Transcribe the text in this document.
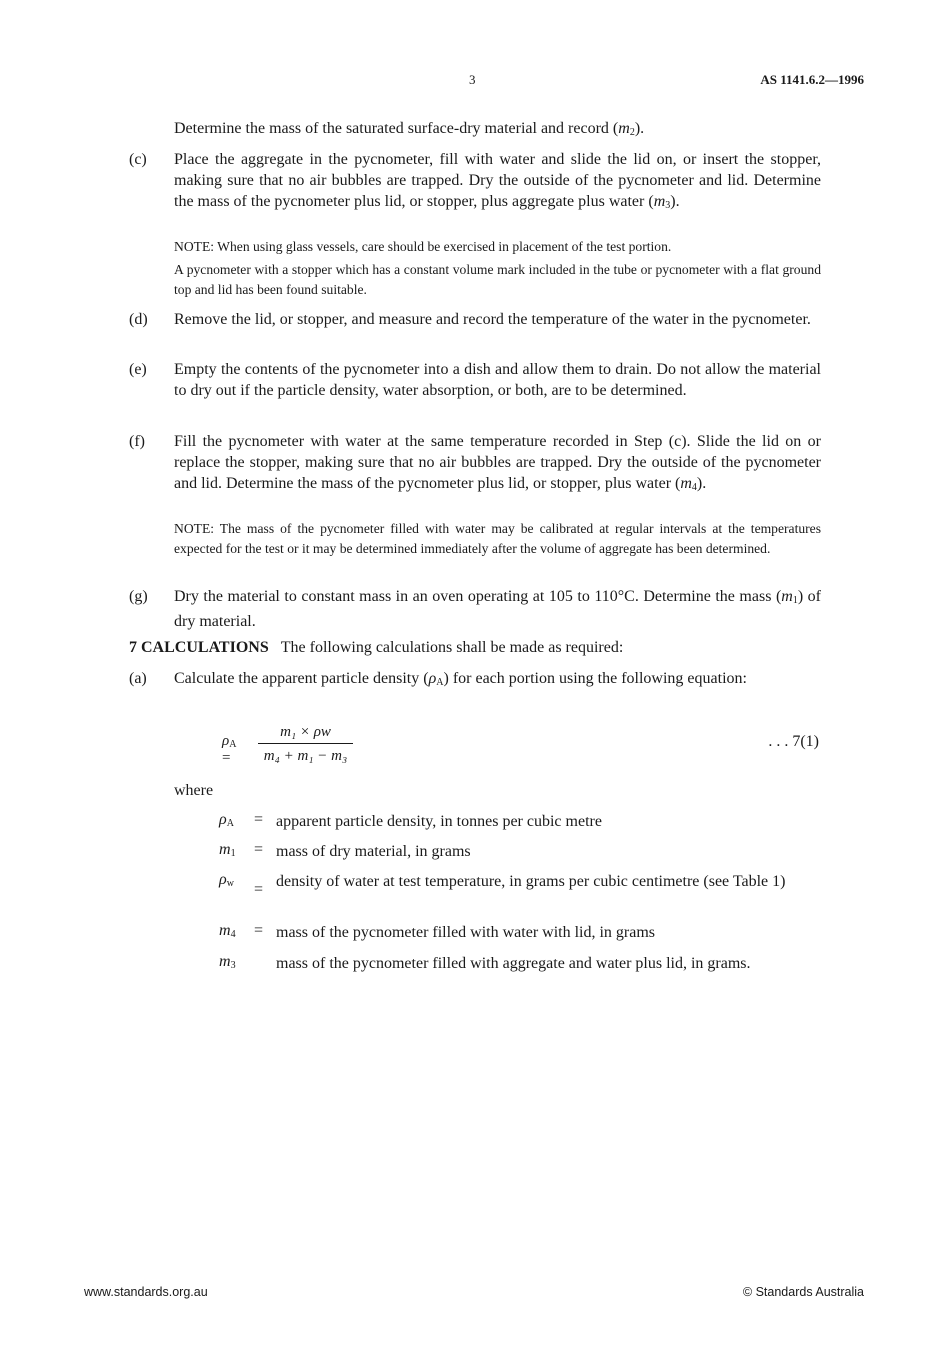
3	AS 1141.6.2—1996
Determine the mass of the saturated surface-dry material and record $(m_2)$.
(c) Place the aggregate in the pycnometer, fill with water and slide the lid on, or insert the stopper, making sure that no air bubbles are trapped. Dry the outside of the pycnometer and lid. Determine the mass of the pycnometer plus lid, or stopper, plus aggregate plus water $(m_3)$.
NOTE: When using glass vessels, care should be exercised in placement of the test portion.
A pycnometer with a stopper which has a constant volume mark included in the tube or pycnometer with a flat ground top and lid has been found suitable.
(d) Remove the lid, or stopper, and measure and record the temperature of the water in the pycnometer.
(e) Empty the contents of the pycnometer into a dish and allow them to drain. Do not allow the material to dry out if the particle density, water absorption, or both, are to be determined.
(f) Fill the pycnometer with water at the same temperature recorded in Step (c). Slide the lid on or replace the stopper, making sure that no air bubbles are trapped. Dry the outside of the pycnometer and lid. Determine the mass of the pycnometer plus lid, or stopper, plus water $(m_4)$.
NOTE: The mass of the pycnometer filled with water may be calibrated at regular intervals at the temperatures expected for the test or it may be determined immediately after the volume of aggregate has been determined.
(g) Dry the material to constant mass in an oven operating at 105 to 110°C. Determine the mass $(m_1)$ of dry material.
7 CALCULATIONS The following calculations shall be made as required:
(a) Calculate the apparent particle density $(\rho_A)$ for each portion using the following equation:
$\rho_A$ =
m₁ × ρw
m₄ + m₁ − m₃
. . . 7(1)
where
$\rho_A$ = apparent particle density, in tonnes per cubic metre
$m_1$ = mass of dry material, in grams
$\rho_w$ = density of water at test temperature, in grams per cubic centimetre (see Table 1)
$m_4$ = mass of the pycnometer filled with water with lid, in grams
$m_3$	mass of the pycnometer filled with aggregate and water plus lid, in grams.
www.standards.org.au	© Standards Australia
